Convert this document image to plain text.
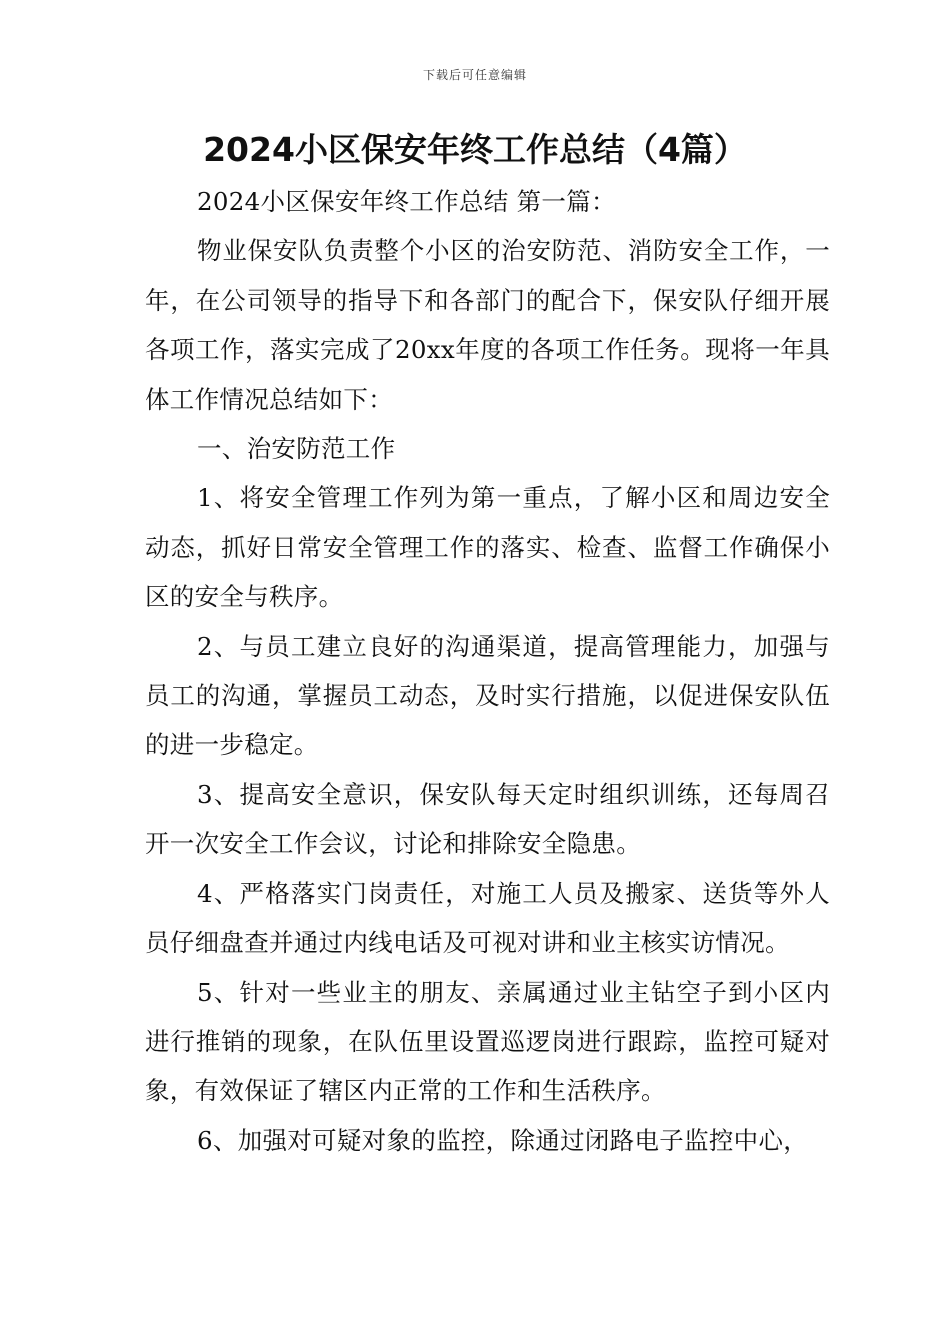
下载后可任意编辑
2024小区保安年终工作总结（4篇）

2024小区保安年终工作总结 第一篇：

物业保安队负责整个小区的治安防范、消防安全工作，一年，在公司领导的指导下和各部门的配合下，保安队仔细开展各项工作，落实完成了20xx年度的各项工作任务。现将一年具体工作情况总结如下：

一、治安防范工作

1、将安全管理工作列为第一重点，了解小区和周边安全动态，抓好日常安全管理工作的落实、检查、监督工作确保小区的安全与秩序。

2、与员工建立良好的沟通渠道，提高管理能力，加强与员工的沟通，掌握员工动态，及时实行措施，以促进保安队伍的进一步稳定。

3、提高安全意识，保安队每天定时组织训练，还每周召开一次安全工作会议，讨论和排除安全隐患。

4、严格落实门岗责任，对施工人员及搬家、送货等外人员仔细盘查并通过内线电话及可视对讲和业主核实访情况。

5、针对一些业主的朋友、亲属通过业主钻空子到小区内进行推销的现象，在队伍里设置巡逻岗进行跟踪，监控可疑对象，有效保证了辖区内正常的工作和生活秩序。

6、加强对可疑对象的监控，除通过闭路电子监控中心，
